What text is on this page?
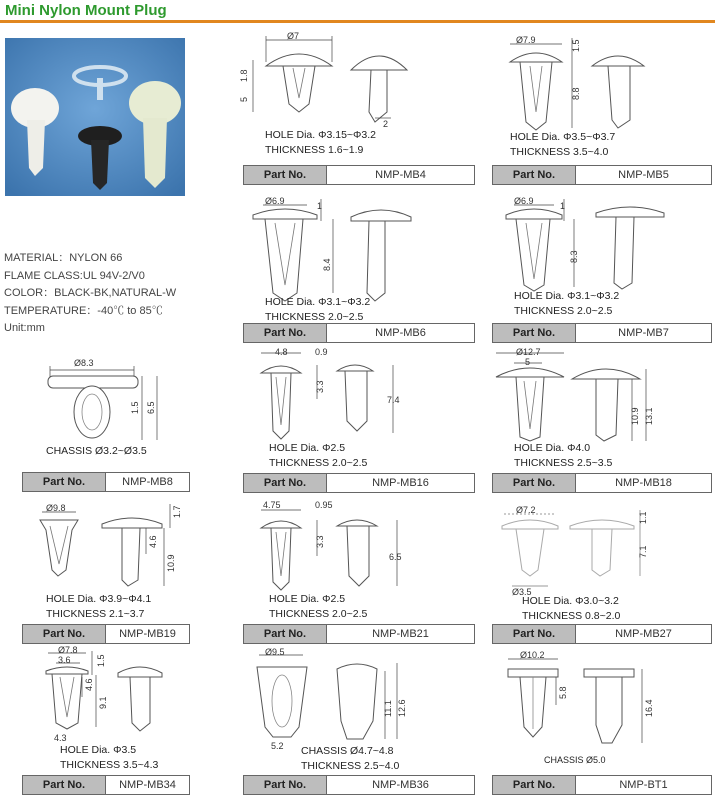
Mini Nylon Mount Plug
MATERIAL：NYLON 66
FLAME CLASS:UL 94V-2/V0
COLOR：BLACK-BK,NATURAL-W
TEMPERATURE：-40℃ to 85℃
Unit:mm
Ø7
1.8
5
2
HOLE Dia. Φ3.15~Φ3.2
THICKNESS 1.6~1.9
Part No.	NMP-MB4
Ø7.9	1.5
8.8
HOLE Dia. Φ3.5~Φ3.7
THICKNESS 3.5~4.0
Part No.	NMP-MB5
Ø6.9	1
8.4
HOLE Dia. Φ3.1~Φ3.2
THICKNESS 2.0~2.5
Part No.	NMP-MB6
Ø6.9	1
8.3
HOLE Dia. Φ3.1~Φ3.2
THICKNESS 2.0~2.5
Part No.	NMP-MB7
Ø8.3
1.5 6.5
CHASSIS Ø3.2~Ø3.5
Part No.	NMP-MB8
4.8	0.9
3.3
7.4
HOLE Dia. Φ2.5
THICKNESS 2.0~2.5
Part No.	NMP-MB16
Ø12.7
5
10.9 13.1
HOLE Dia. Φ4.0
THICKNESS 2.5~3.5
Part No.	NMP-MB18
Ø9.8	1.7
4.6
10.9
HOLE Dia. Φ3.9~Φ4.1
THICKNESS 2.1~3.7
Part No.	NMP-MB19
4.75	0.95
3.3
6.5
HOLE Dia. Φ2.5
THICKNESS 2.0~2.5
Part No.	NMP-MB21
Ø7.2
Ø3.5
1.1
7.1
HOLE Dia. Φ3.0~3.2
THICKNESS 0.8~2.0
Part No.	NMP-MB27
Ø7.8
3.6	1.5
4.6
9.1
4.3
HOLE Dia. Φ3.5
THICKNESS 3.5~4.3
Part No.	NMP-MB34
Ø9.5
5.2
11.1 12.6
CHASSIS Ø4.7~4.8
THICKNESS 2.5~4.0
Part No.	NMP-MB36
Ø10.2
5.8
16.4
CHASSIS Ø5.0
Part No.	NMP-BT1
